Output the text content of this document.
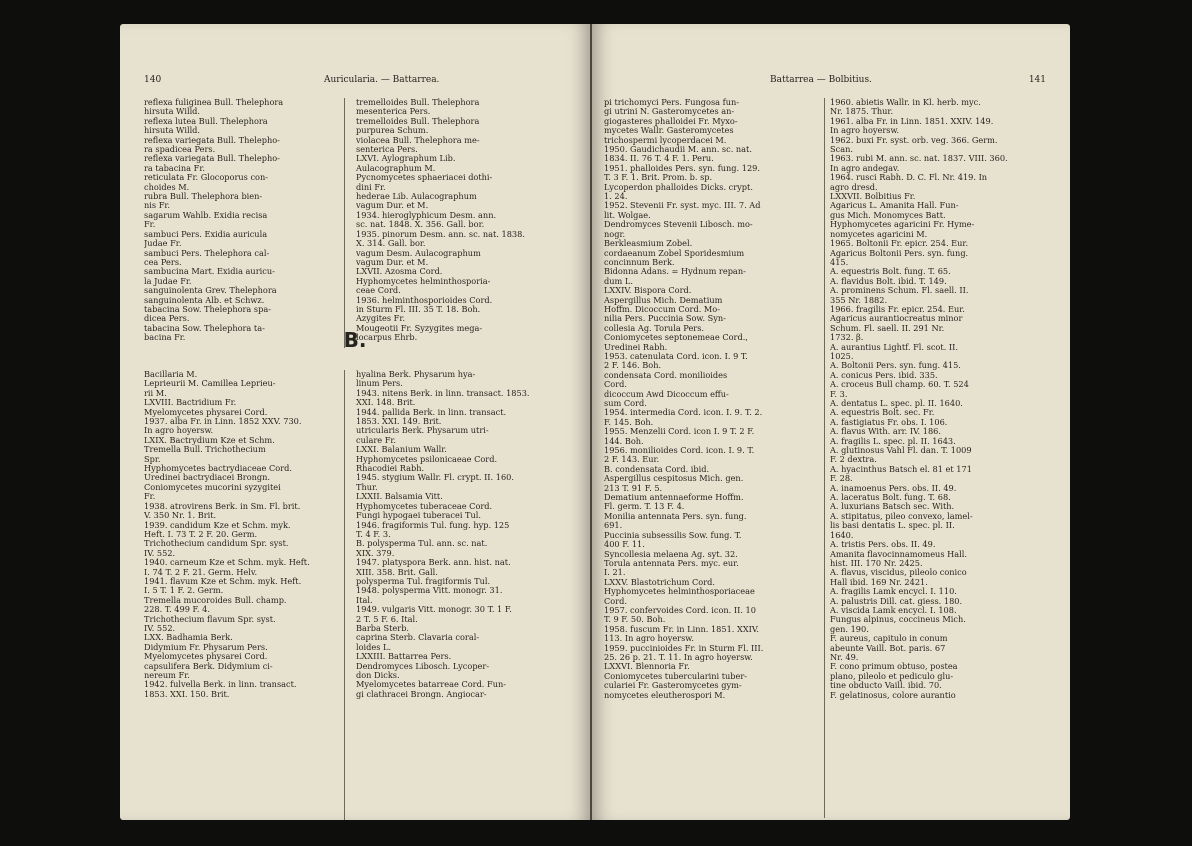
140	Auricularia. — Battarrea.
reflexa fuliginea Bull. Thelephora
hirsuta Willd.
reflexa lutea Bull. Thelephora
hirsuta Willd.
reflexa variegata Bull. Thelepho-
ra spadicea Pers.
reflexa variegata Bull. Thelepho-
ra tabacina Fr.
reticulata Fr. Glocoporus con-
choides M.
rubra Bull. Thelephora bien-
nis Fr.
sagarum Wahlb. Exidia recisa
Fr.
sambuci Pers. Exidia auricula
Judae Fr.
sambuci Pers. Thelephora cal-
cea Pers.
sambucina Mart. Exidia auricu-
la Judae Fr.
sanguinolenta Grev. Thelephora
sanguinolenta Alb. et Schwz.
tabacina Sow. Thelephora spa-
dicea Pers.
tabacina Sow. Thelephora ta-
bacina Fr.
tremelloides Bull. Thelephora
mesenterica Pers.
tremelloides Bull. Thelephora
purpurea Schum.
violacea Bull. Thelephora me-
senterica Pers.
LXVI. Aylographum Lib.
Aulacographum M.
Pycnomycetes sphaeriacei dothi-
dini Fr.
hederae Lib. Aulacographum
vagum Dur. et M.
1934. hieroglyphicum Desm. ann.
sc. nat. 1848. X. 356. Gall. bor.
1935. pinorum Desm. ann. sc. nat. 1838.
X. 314. Gall. bor.
vagum Desm. Aulacographum
vagum Dur. et M.
LXVII. Azosma Cord.
Hyphomycetes helminthosporia-
ceae Cord.
1936. helminthosporioides Cord.
in Sturm Fl. III. 35 T. 18. Boh.
Azygites Fr.
Mougeotii Fr. Syzygites mega-
locarpus Ehrb.
B.
Bacillaria M.
Leprieurii M. Camillea Leprieu-
rii M.
LXVIII. Bactridium Fr.
Myelomycetes physarei Cord.
1937. alba Fr. in Linn. 1852 XXV. 730.
In agro hoyersw.
LXIX. Bactrydium Kze et Schm.
Tremella Bull. Trichothecium
Spr.
Hyphomycetes bactrydiaceae Cord.
Uredinei bactrydiacei Brongn.
Coniomycetes mucorini syzygitei
Fr.
1938. atrovirens Berk. in Sm. Fl. brit.
V. 350 Nr. 1. Brit.
1939. candidum Kze et Schm. myk.
Heft. I. 73 T. 2 F. 20. Germ.
Trichothecium candidum Spr. syst.
IV. 552.
1940. carneum Kze et Schm. myk. Heft.
I. 74 T. 2 F. 21. Germ. Helv.
1941. flavum Kze et Schm. myk. Heft.
I. 5 T. 1 F. 2. Germ.
Tremella mucoroides Bull. champ.
228. T. 499 F. 4.
Trichothecium flavum Spr. syst.
IV. 552.
LXX. Badhamia Berk.
Didymium Fr. Physarum Pers.
Myelomycetes physarei Cord.
capsulifera Berk. Didymium ci-
nereum Fr.
1942. fulvella Berk. in linn. transact.
1853. XXI. 150. Brit.
hyalina Berk. Physarum hya-
linum Pers.
1943. nitens Berk. in linn. transact. 1853.
XXI. 148. Brit.
1944. pallida Berk. in linn. transact.
1853. XXI. 149. Brit.
utricularis Berk. Physarum utri-
culare Fr.
LXXI. Balanium Wallr.
Hyphomycetes psilonicaeae Cord.
Rhacodiei Rabh.
1945. stygium Wallr. Fl. crypt. II. 160.
Thur.
LXXII. Balsamia Vitt.
Hyphomycetes tuberaceae Cord.
Fungi hypogaei tuberacei Tul.
1946. fragiformis Tul. fung. hyp. 125
T. 4 F. 3.
B. polysperma Tul. ann. sc. nat.
XIX. 379.
1947. platyspora Berk. ann. hist. nat.
XIII. 358. Brit. Gall.
polysperma Tul. fragiformis Tul.
1948. polysperma Vitt. monogr. 31.
Ital.
1949. vulgaris Vitt. monogr. 30 T. 1 F.
2 T. 5 F. 6. Ital.
Barba Sterb.
caprina Sterb. Clavaria coral-
loides L.
LXXIII. Battarrea Pers.
Dendromyces Libosch. Lycoper-
don Dicks.
Myelomycetes batarreae Cord. Fun-
gi clathracei Brongn. Angiocar-
Battarrea — Bolbitius.	141
pi trichomyci Pers. Fungosa fun-
gi utrini N. Gasteromycetes an-
giogasteres phalloidei Fr. Myxo-
mycetes Wallr. Gasteromycetes
trichospermi lycoperdacei M.
1950. Gaudichaudii M. ann. sc. nat.
1834. II. 76 T. 4 F. 1. Peru.
1951. phalloides Pers. syn. fung. 129.
T. 3 F. 1. Brit. Prom. b. sp.
Lycoperdon phalloides Dicks. crypt.
1. 24.
1952. Stevenii Fr. syst. myc. III. 7. Ad
lit. Wolgae.
Dendromyces Stevenii Libosch. mo-
nogr.
Berkleasmium Zobel.
cordaeanum Zobel Sporidesmium
concinnum Berk.
Bidonna Adans. = Hydnum repan-
dum L.
LXXIV. Bispora Cord.
Aspergillus Mich. Dematium
Hoffm. Dicoccum Cord. Mo-
nilia Pers. Puccinia Sow. Syn-
collesia Ag. Torula Pers.
Coniomycetes septonemeae Cord.,
Uredinei Rabh.
1953. catenulata Cord. icon. I. 9 T.
2 F. 146. Boh.
condensata Cord. monilioides
Cord.
dicoccum Awd Dicoccum effu-
sum Cord.
1954. intermedia Cord. icon. I. 9. T. 2.
F. 145. Boh.
1955. Menzelii Cord. icon I. 9 T. 2 F.
144. Boh.
1956. monilioides Cord. icon. I. 9. T.
2 F. 143. Eur.
B. condensata Cord. ibid.
Aspergillus cespitosus Mich. gen.
213 T. 91 F. 5.
Dematium antennaeforme Hoffm.
Fl. germ. T. 13 F. 4.
Monilia antennata Pers. syn. fung.
691.
Puccinia subsessilis Sow. fung. T.
400 F. 11.
Syncollesia melaena Ag. syt. 32.
Torula antennata Pers. myc. eur.
I. 21.
LXXV. Blastotrichum Cord.
Hyphomycetes helminthosporiaceae
Cord.
1957. confervoides Cord. icon. II. 10
T. 9 F. 50. Boh.
1958. fuscum Fr. in Linn. 1851. XXIV.
113. In agro hoyersw.
1959. puccinioides Fr. in Sturm Fl. III.
25. 26 p. 21. T. 11. In agro hoyersw.
LXXVI. Blennoria Fr.
Coniomycetes tubercularini tuber-
culariei Fr. Gasteromycetes gym-
nomycetes eleutherospori M.
1960. abietis Wallr. in Kl. herb. myc.
Nr. 1875. Thur.
1961. alba Fr. in Linn. 1851. XXIV. 149.
In agro hoyersw.
1962. buxi Fr. syst. orb. veg. 366. Germ.
Scan.
1963. rubi M. ann. sc. nat. 1837. VIII. 360.
In agro andegav.
1964. rusci Rabh. D. C. Fl. Nr. 419. In
agro dresd.
LXXVII. Bolbitius Fr.
Agaricus L. Amanita Hall. Fun-
gus Mich. Monomyces Batt.
Hyphomycetes agaricini Fr. Hyme-
nomycetes agaricini M.
1965. Boltonii Fr. epicr. 254. Eur.
Agaricus Boltonii Pers. syn. fung.
415.
A. equestris Bolt. fung. T. 65.
A. flavidus Bolt. ibid. T. 149.
A. prominens Schum. Fl. saell. II.
355 Nr. 1882.
1966. fragilis Fr. epicr. 254. Eur.
Agaricus aurantiocreatus minor
Schum. Fl. saell. II. 291 Nr.
1732. β.
A. aurantius Lightf. Fl. scot. II.
1025.
A. Boltonii Pers. syn. fung. 415.
A. conicus Pers. ibid. 335.
A. croceus Bull champ. 60. T. 524
F. 3.
A. dentatus L. spec. pl. II. 1640.
A. equestris Bolt. sec. Fr.
A. fastigiatus Fr. obs. I. 106.
A. flavus With. arr. IV. 186.
A. fragilis L. spec. pl. II. 1643.
A. glutinosus Vahl Fl. dan. T. 1009
F. 2 dextra.
A. hyacinthus Batsch el. 81 et 171
F. 28.
A. inamoenus Pers. obs. II. 49.
A. laceratus Bolt. fung. T. 68.
A. luxurians Batsch sec. With.
A. stipitatus, pileo convexo, lamel-
lis basi dentatis L. spec. pl. II.
1640.
A. tristis Pers. obs. II. 49.
Amanita flavocinnamomeus Hall.
hist. III. 170 Nr. 2425.
A. flavus, viscidus, pileolo conico
Hall ibid. 169 Nr. 2421.
A. fragilis Lamk encycl. I. 110.
A. palustris Dill. cat. giess. 180.
A. viscida Lamk encycl. I. 108.
Fungus alpinus, coccineus Mich.
gen. 190.
F. aureus, capitulo in conum
abeunte Vaill. Bot. paris. 67
Nr. 49.
F. cono primum obtuso, postea
plano, pileolo et pediculo glu-
tine obducto Vaill. ibid. 70.
F. gelatinosus, colore aurantio
